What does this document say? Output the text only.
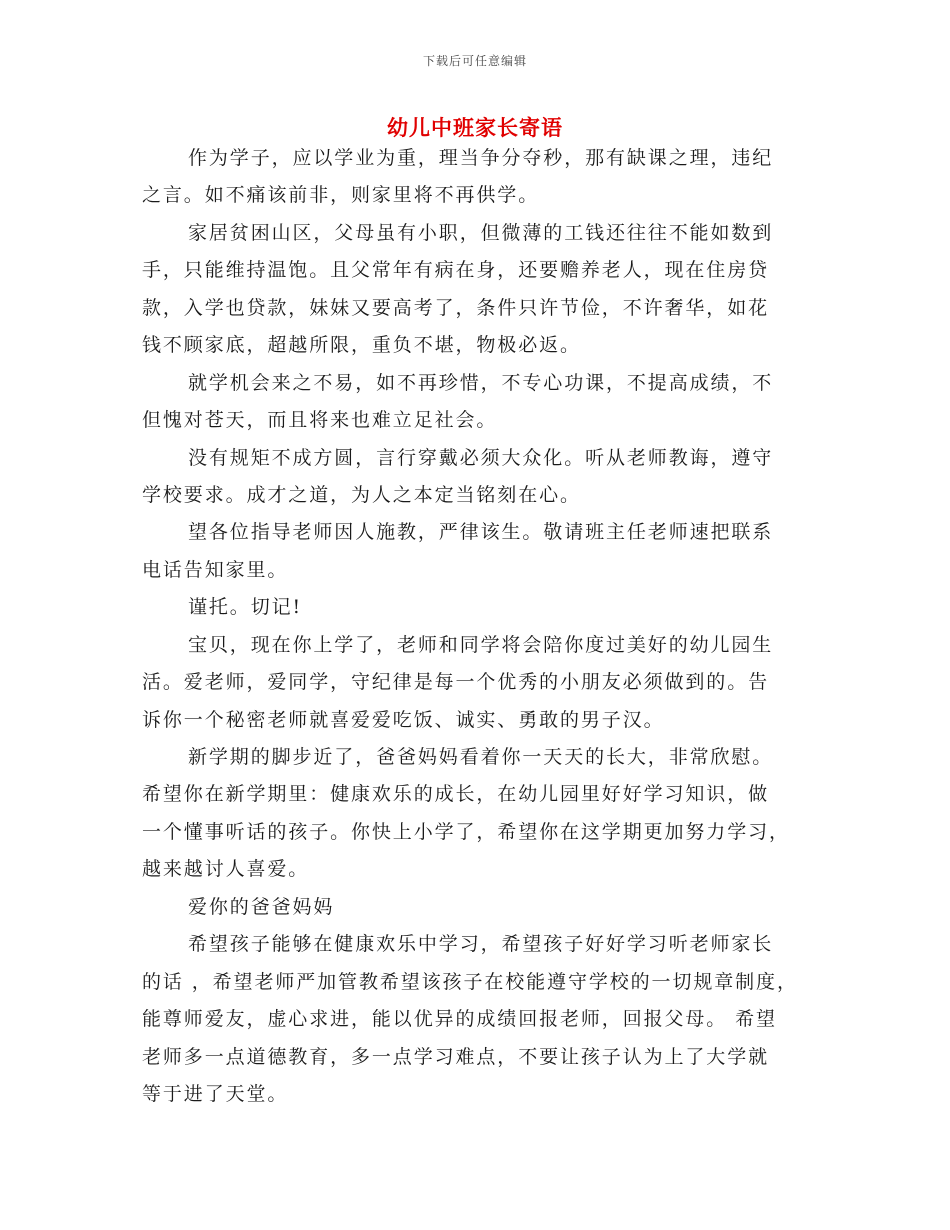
下载后可任意编辑
幼儿中班家长寄语
作为学子，应以学业为重，理当争分夺秒，那有缺课之理，违纪
之言。如不痛该前非，则家里将不再供学。
家居贫困山区，父母虽有小职，但微薄的工钱还往往不能如数到
手，只能维持温饱。且父常年有病在身，还要赡养老人，现在住房贷
款，入学也贷款，妹妹又要高考了，条件只许节俭，不许奢华，如花
钱不顾家底，超越所限，重负不堪，物极必返。
就学机会来之不易，如不再珍惜，不专心功课，不提高成绩，不
但愧对苍天，而且将来也难立足社会。
没有规矩不成方圆，言行穿戴必须大众化。听从老师教诲，遵守
学校要求。成才之道，为人之本定当铭刻在心。
望各位指导老师因人施教，严律该生。敬请班主任老师速把联系
电话告知家里。
谨托。切记!
宝贝，现在你上学了，老师和同学将会陪你度过美好的幼儿园生
活。爱老师，爱同学，守纪律是每一个优秀的小朋友必须做到的。告
诉你一个秘密老师就喜爱爱吃饭、诚实、勇敢的男子汉。
新学期的脚步近了，爸爸妈妈看着你一天天的长大，非常欣慰。
希望你在新学期里：健康欢乐的成长，在幼儿园里好好学习知识，做
一个懂事听话的孩子。你快上小学了，希望你在这学期更加努力学习，
越来越讨人喜爱。
爱你的爸爸妈妈
希望孩子能够在健康欢乐中学习，希望孩子好好学习听老师家长
的话 ，希望老师严加管教希望该孩子在校能遵守学校的一切规章制度，
能尊师爱友，虚心求进，能以优异的成绩回报老师，回报父母。 希望
老师多一点道德教育，多一点学习难点，不要让孩子认为上了大学就
等于进了天堂。
